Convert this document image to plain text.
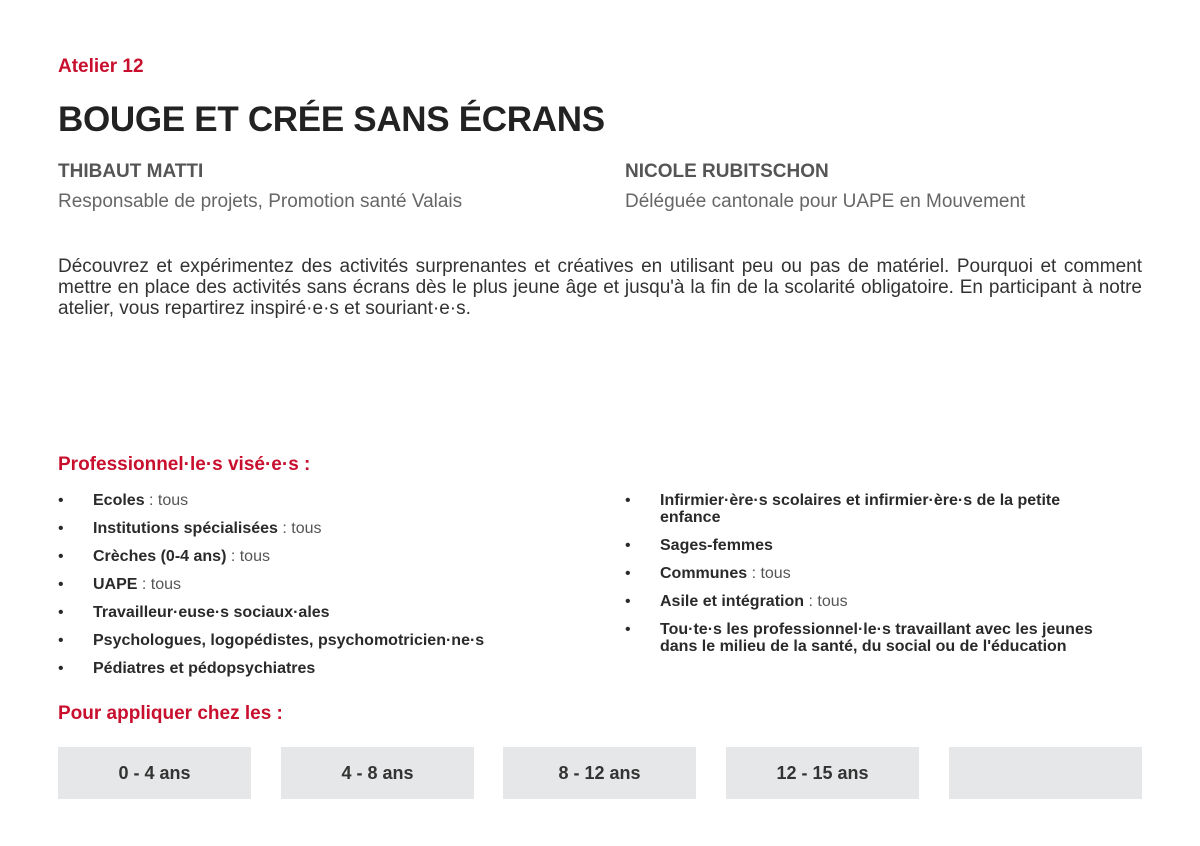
Atelier 12
BOUGE ET CRÉE SANS ÉCRANS
THIBAUT MATTI
Responsable de projets, Promotion santé Valais
NICOLE RUBITSCHON
Déléguée cantonale pour UAPE en Mouvement

Découvrez et expérimentez des activités surprenantes et créatives en utilisant peu ou pas de matériel. Pourquoi et comment mettre en place des activités sans écrans dès le plus jeune âge et jusqu'à la fin de la scolarité obligatoire. En participant à notre atelier, vous repartirez inspiré·e·s et souriant·e·s.

Professionnel·le·s visé·e·s :
• Ecoles : tous
• Institutions spécialisées : tous
• Crèches (0-4 ans) : tous
• UAPE : tous
• Travailleur·euse·s sociaux·ales
• Psychologues, logopédistes, psychomotricien·ne·s
• Pédiatres et pédopsychiatres
• Infirmier·ère·s scolaires et infirmier·ère·s de la petite enfance
• Sages-femmes
• Communes : tous
• Asile et intégration : tous
• Tou·te·s les professionnel·le·s travaillant avec les jeunes dans le milieu de la santé, du social ou de l'éducation
Pour appliquer chez les :
0 - 4 ans	4 - 8 ans	8 - 12 ans	12 - 15 ans
